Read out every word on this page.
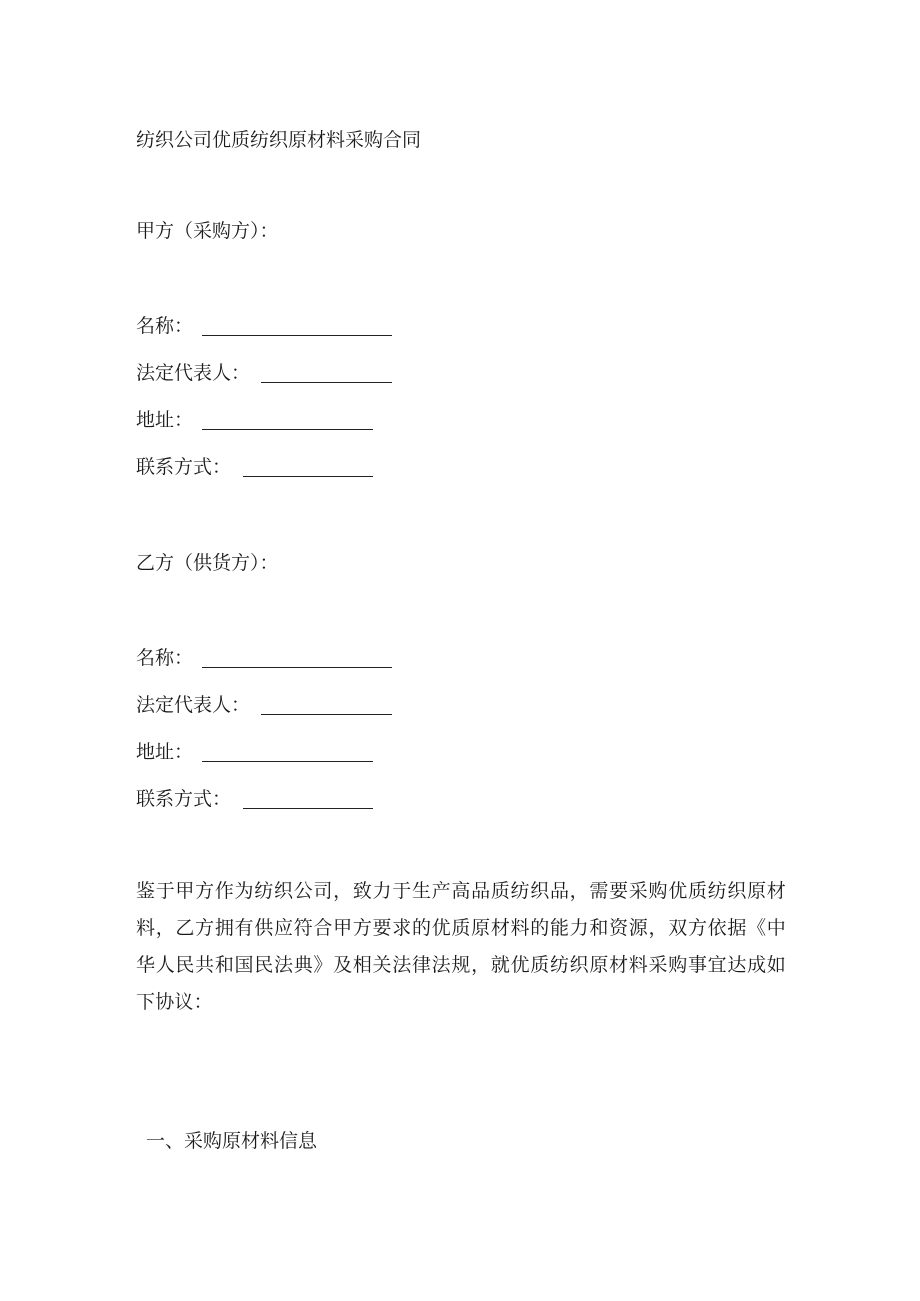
纺织公司优质纺织原材料采购合同
甲方（采购方）：
名称：
法定代表人：
地址：
联系方式：
乙方（供货方）：
名称：
法定代表人：
地址：
联系方式：
鉴于甲方作为纺织公司，致力于生产高品质纺织品，需要采购优质纺织原材料，乙方拥有供应符合甲方要求的优质原材料的能力和资源，双方依据《中华人民共和国民法典》及相关法律法规，就优质纺织原材料采购事宜达成如下协议：
一、采购原材料信息
